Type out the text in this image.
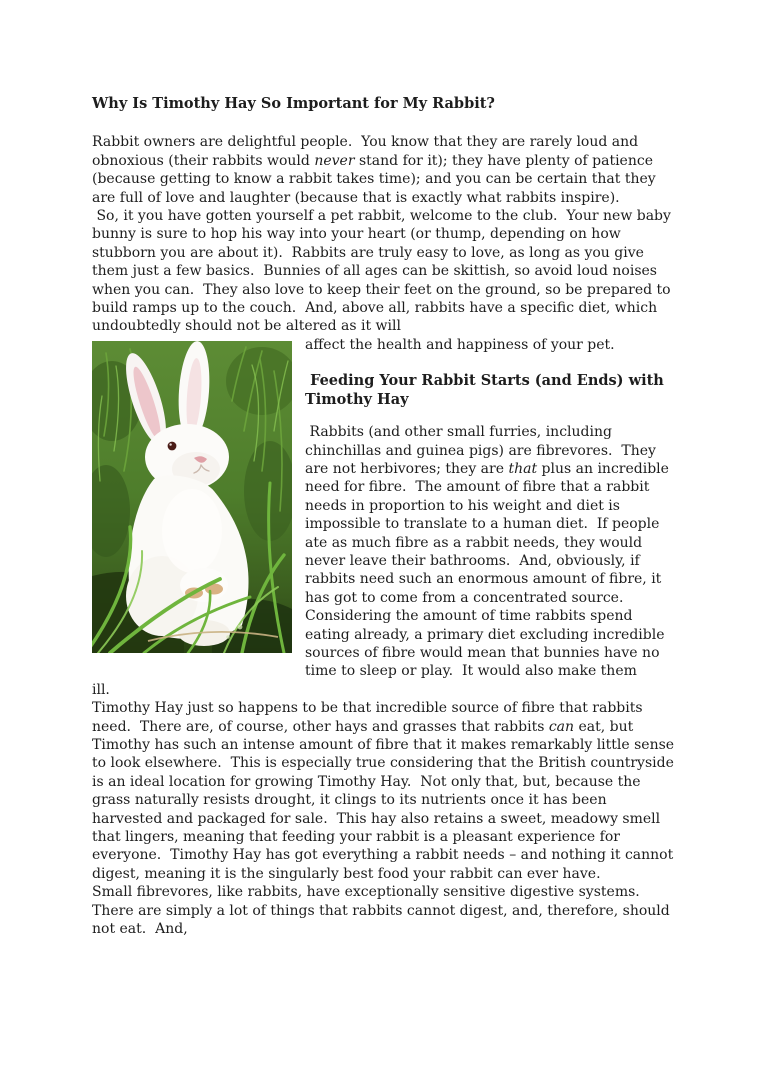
Why Is Timothy Hay So Important for My Rabbit?

Rabbit owners are delightful people.  You know that they are rarely loud and obnoxious (their rabbits would never stand for it); they have plenty of patience (because getting to know a rabbit takes time); and you can be certain that they are full of love and laughter (because that is exactly what rabbits inspire).

So, it you have gotten yourself a pet rabbit, welcome to the club.  Your new baby bunny is sure to hop his way into your heart (or thump, depending on how stubborn you are about it).  Rabbits are truly easy to love, as long as you give them just a few basics.  Bunnies of all ages can be skittish, so avoid loud noises when you can.  They also love to keep their feet on the ground, so be prepared to build ramps up to the couch.  And, above all, rabbits have a specific diet, which undoubtedly should not be altered as it will

affect the health and happiness of your pet.

Feeding Your Rabbit Starts (and Ends) with Timothy Hay

Rabbits (and other small furries, including chinchillas and guinea pigs) are fibrevores.  They are not herbivores; they are that plus an incredible need for fibre.  The amount of fibre that a rabbit needs in proportion to his weight and diet is impossible to translate to a human diet.  If people ate as much fibre as a rabbit needs, they would never leave their bathrooms.  And, obviously, if rabbits need such an enormous amount of fibre, it has got to come from a concentrated source.  Considering the amount of time rabbits spend eating already, a primary diet excluding incredible sources of fibre would mean that bunnies have no time to sleep or play.  It would also make them

ill.

Timothy Hay just so happens to be that incredible source of fibre that rabbits need.  There are, of course, other hays and grasses that rabbits can eat, but Timothy has such an intense amount of fibre that it makes remarkably little sense to look elsewhere.  This is especially true considering that the British countryside is an ideal location for growing Timothy Hay.  Not only that, but, because the grass naturally resists drought, it clings to its nutrients once it has been harvested and packaged for sale.  This hay also retains a sweet, meadowy smell that lingers, meaning that feeding your rabbit is a pleasant experience for everyone.  Timothy Hay has got everything a rabbit needs – and nothing it cannot digest, meaning it is the singularly best food your rabbit can ever have.

Small fibrevores, like rabbits, have exceptionally sensitive digestive systems.  There are simply a lot of things that rabbits cannot digest, and, therefore, should not eat.  And,
